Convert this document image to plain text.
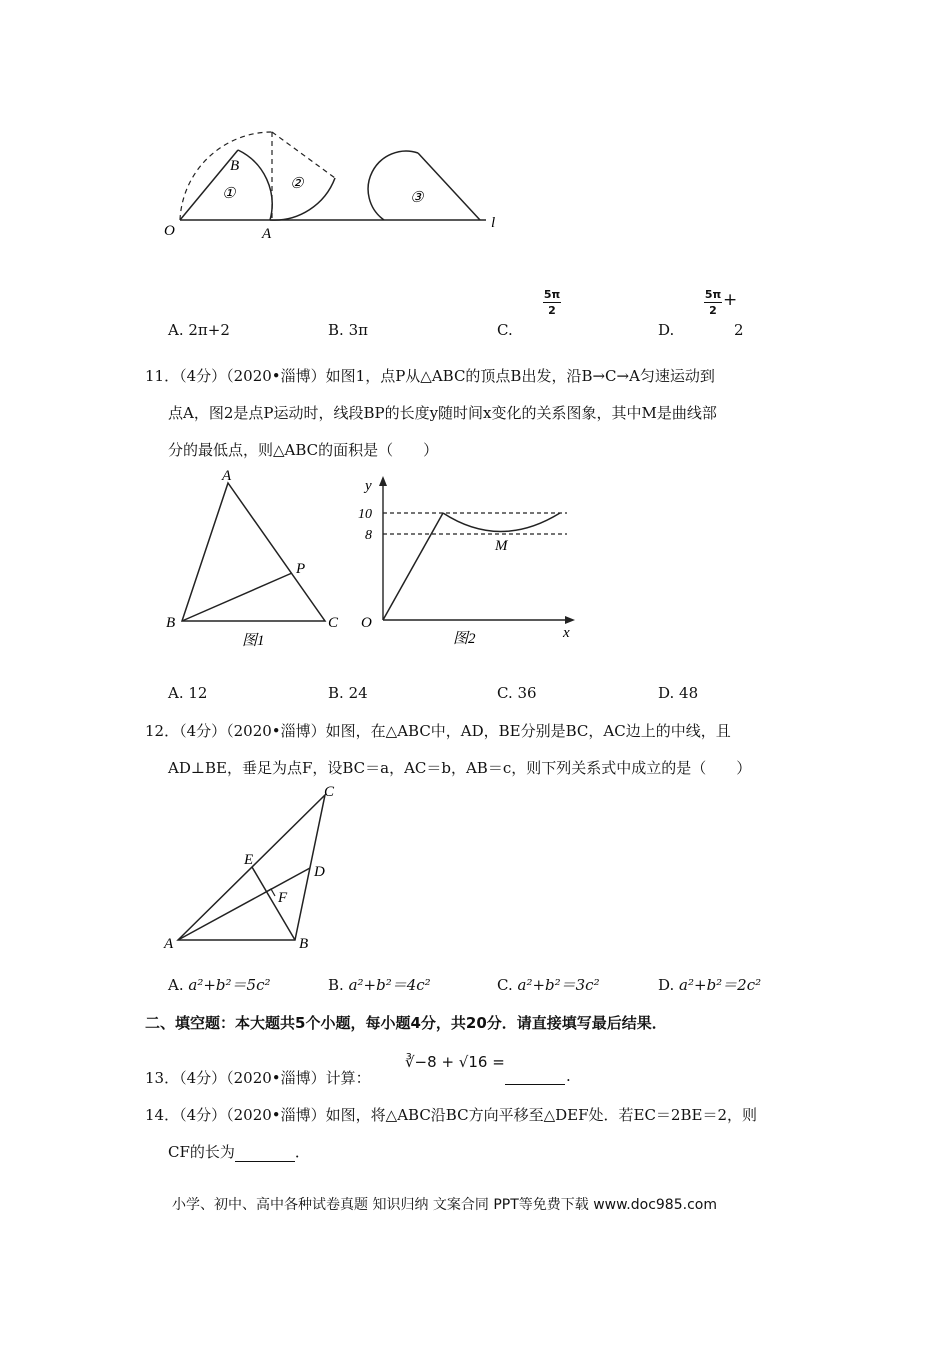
O	A
B
l
①
②
③
A. 2π+2	B. 3π	C.
5π
2
D.
5π
2
+
2
11．（4分）（2020•淄博）如图1，点P从△ABC的顶点B出发，沿B→C→A匀速运动到
点A，图2是点P运动时，线段BP的长度y随时间x变化的关系图象，其中M是曲线部
分的最低点，则△ABC的面积是（　　）
A
B	C
P
图1
y
x
O
10
8
M
图2
A. 12	B. 24	C. 36	D. 48
12．（4分）（2020•淄博）如图，在△ABC中，AD，BE分别是BC，AC边上的中线，且
AD⊥BE，垂足为点F，设BC＝a，AC＝b，AB＝c，则下列关系式中成立的是（　　）
A	B
C
D
E
F
A. a²+b²＝5c²	B. a²+b²＝4c²	C. a²+b²＝3c²	D. a²+b²＝2c²
二、填空题：本大题共5个小题，每小题4分，共20分．请直接填写最后结果．
13．（4分）（2020•淄博）计算：
∛−8 + √16 =
.
14．（4分）（2020•淄博）如图，将△ABC沿BC方向平移至△DEF处．若EC＝2BE＝2，则
CF的长为	．
小学、初中、高中各种试卷真题 知识归纳 文案合同 PPT等免费下载 www.doc985.com
